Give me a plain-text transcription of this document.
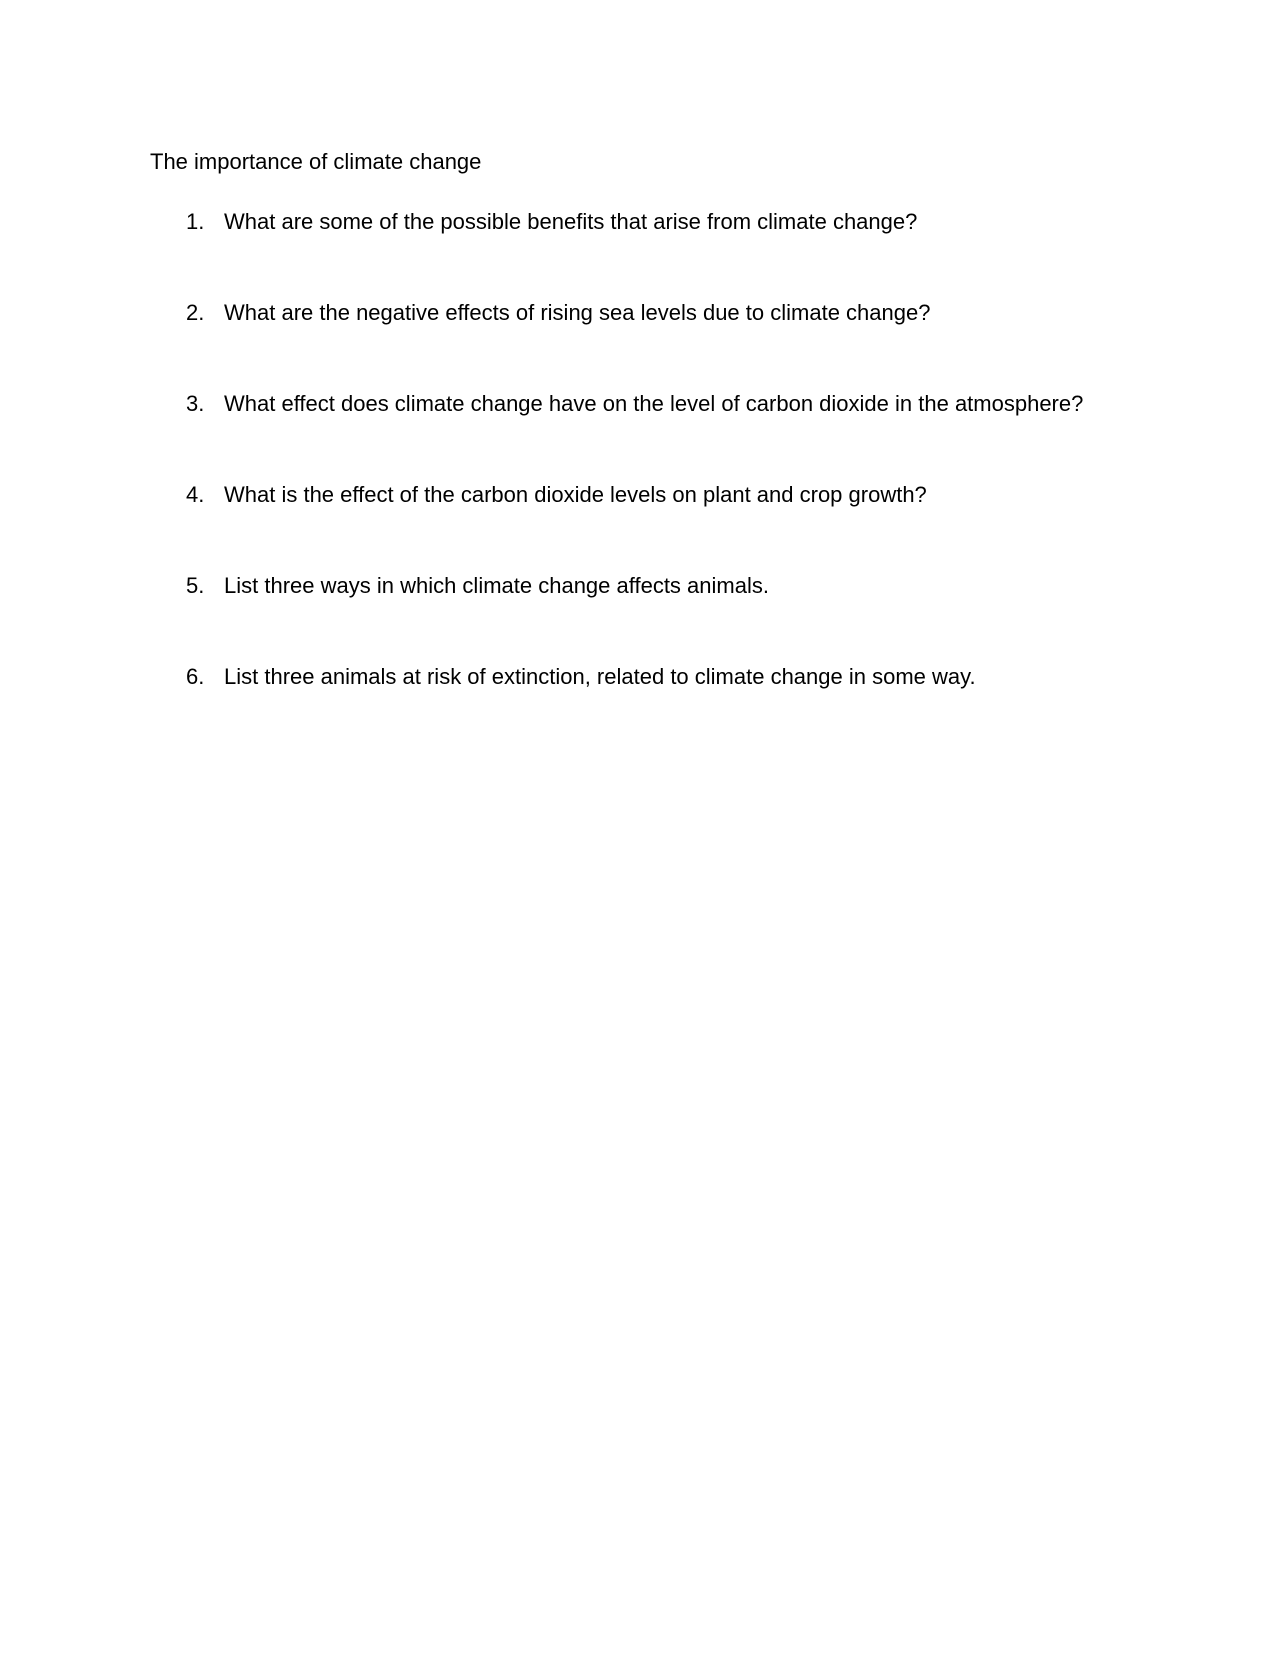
The importance of climate change
1. What are some of the possible benefits that arise from climate change?
2. What are the negative effects of rising sea levels due to climate change?
3. What effect does climate change have on the level of carbon dioxide in the atmosphere?
4. What is the effect of the carbon dioxide levels on plant and crop growth?
5. List three ways in which climate change affects animals.
6. List three animals at risk of extinction, related to climate change in some way.
